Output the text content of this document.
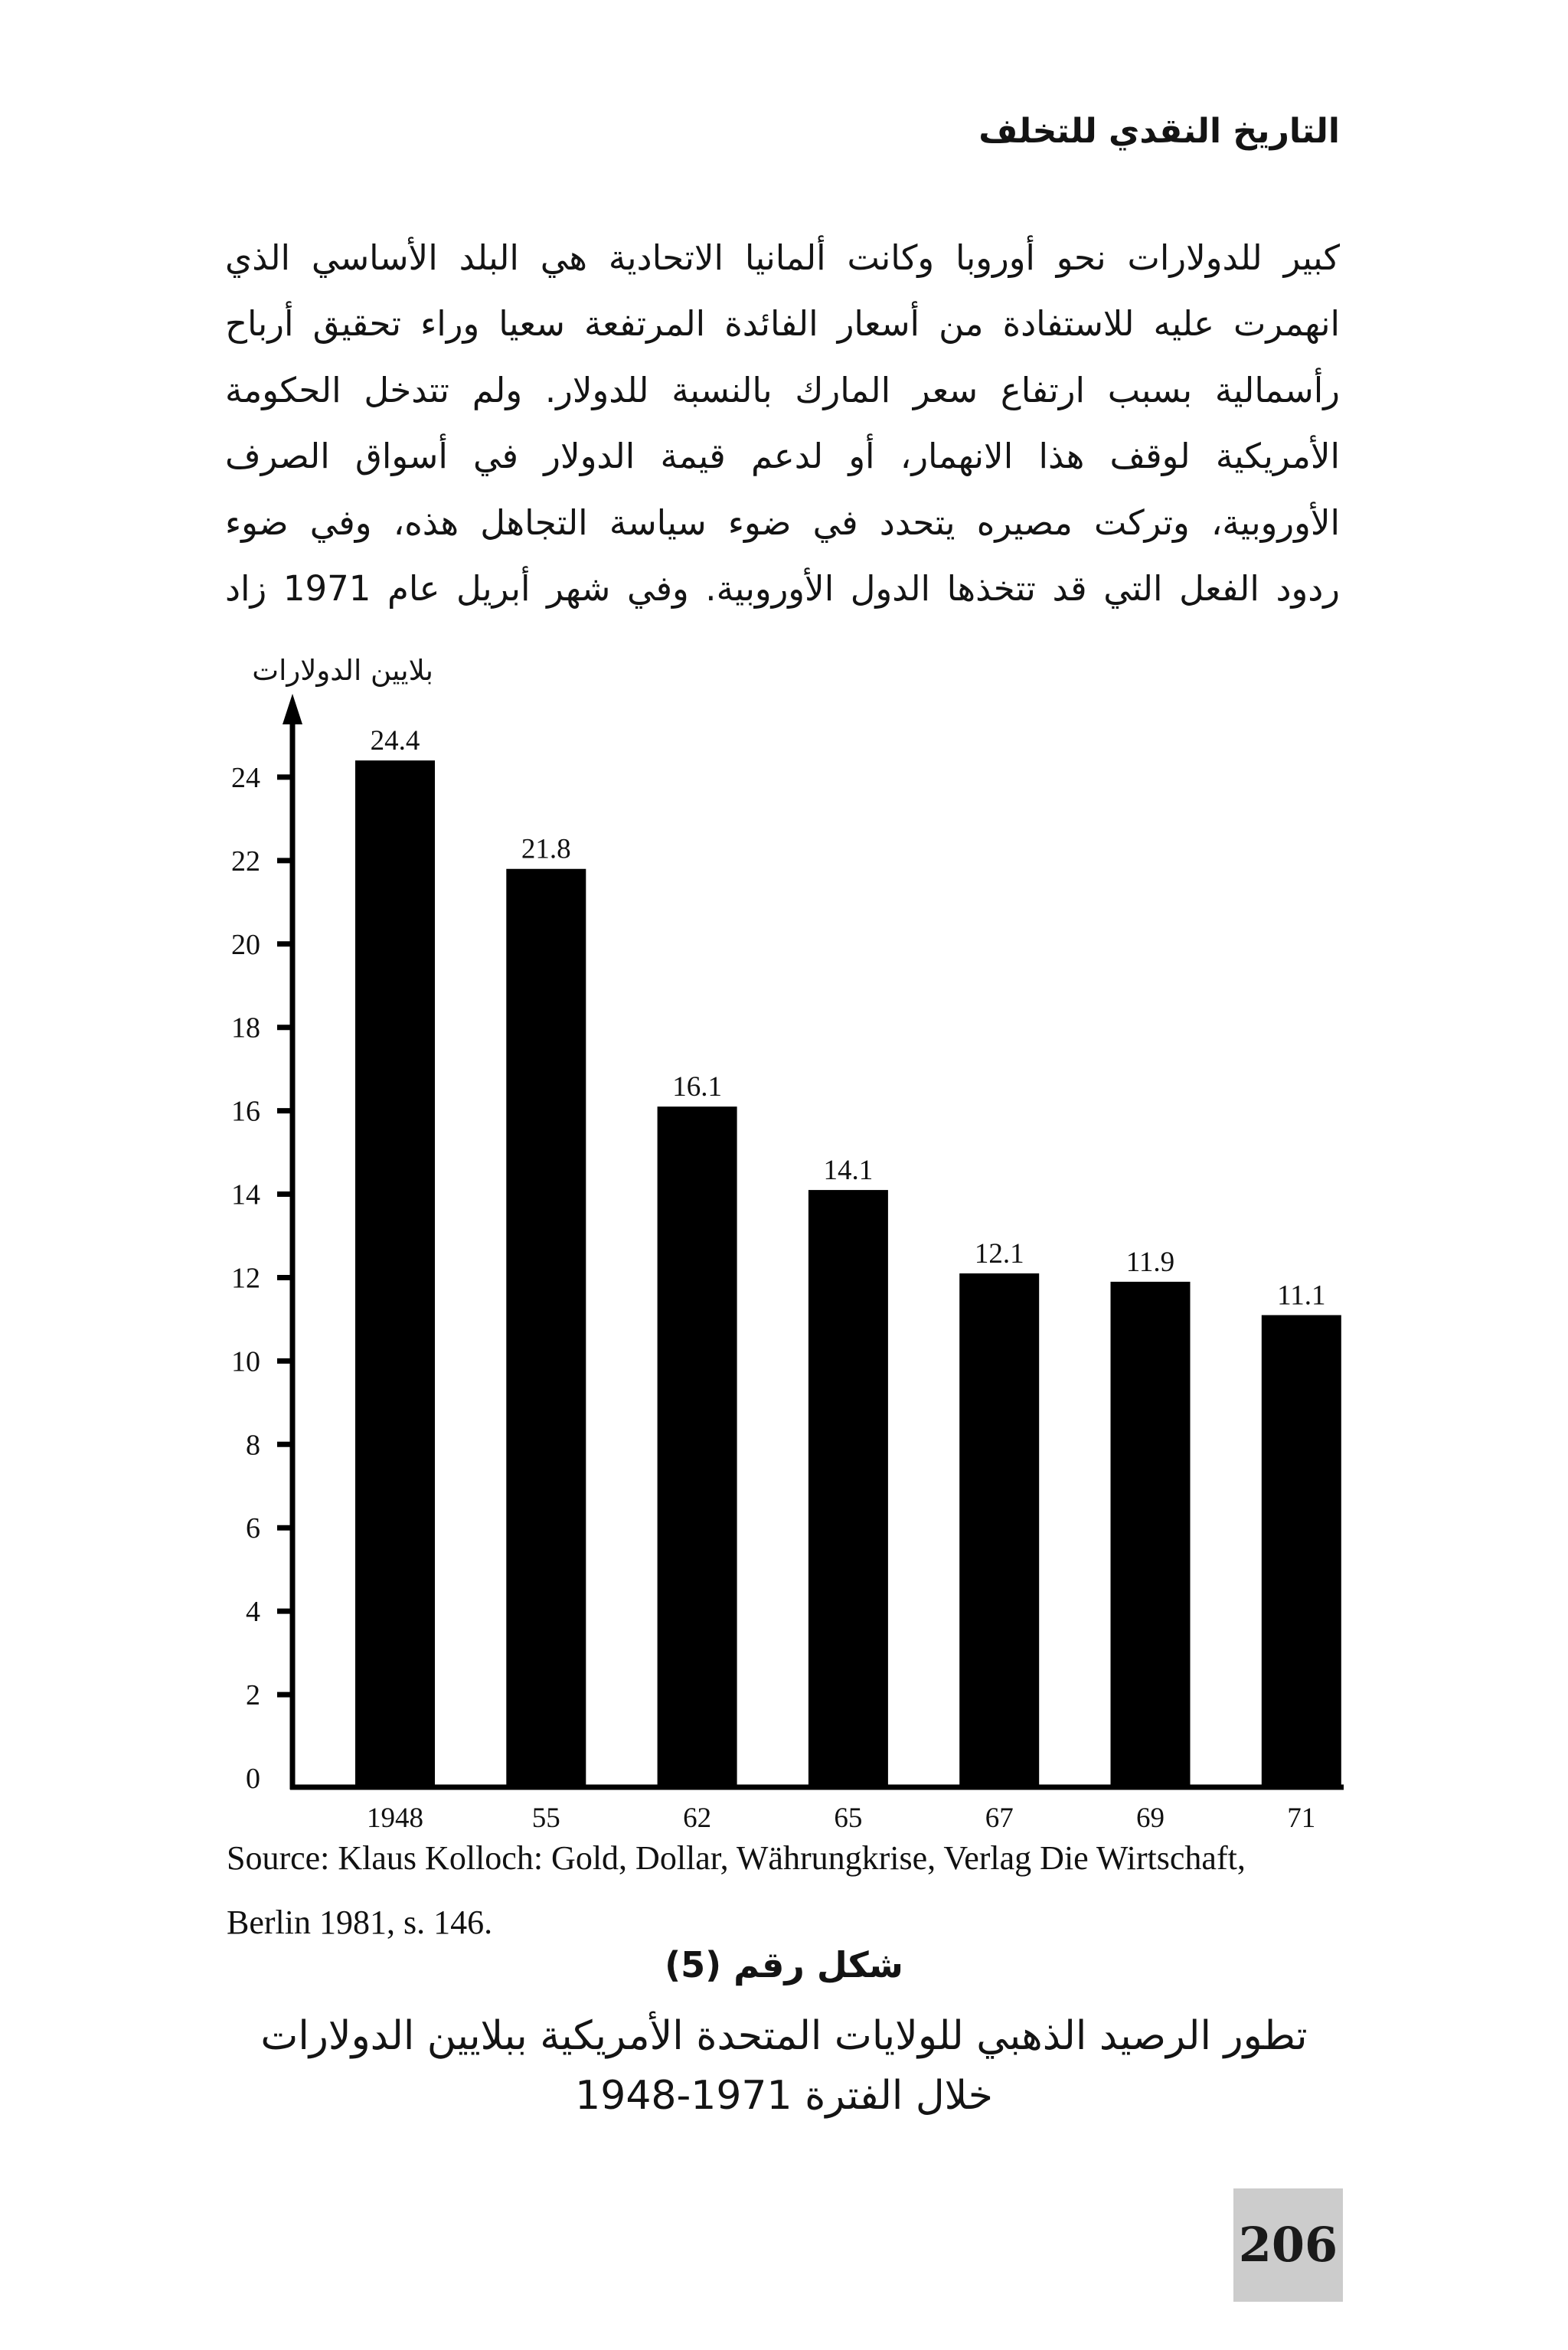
التاريخ النقدي للتخلف
كبير للدولارات نحو أوروبا وكانت ألمانيا الاتحادية هي البلد الأساسي الذي
انهمرت عليه للاستفادة من أسعار الفائدة المرتفعة سعيا وراء تحقيق أرباح
رأسمالية بسبب ارتفاع سعر المارك بالنسبة للدولار. ولم تتدخل الحكومة
الأمريكية لوقف هذا الانهمار، أو لدعم قيمة الدولار في أسواق الصرف
الأوروبية، وتركت مصيره يتحدد في ضوء سياسة التجاهل هذه، وفي ضوء
ردود الفعل التي قد تتخذها الدول الأوروبية. وفي شهر أبريل عام 1971 زاد
24.4
1948
21.8
55
16.1
62
14.1
65
12.1
67
11.9
69
11.1
71
0
2
4
6
8
10
12
14
16
18
20
22
24
بلايين الدولارات
Source: Klaus Kolloch: Gold, Dollar, Währungkrise, Verlag Die Wirtschaft,
Berlin 1981, s. 146.
شكل رقم (5)
تطور الرصيد الذهبي للولايات المتحدة الأمريكية ببلايين الدولارات
خلال الفترة 1971-1948
206
